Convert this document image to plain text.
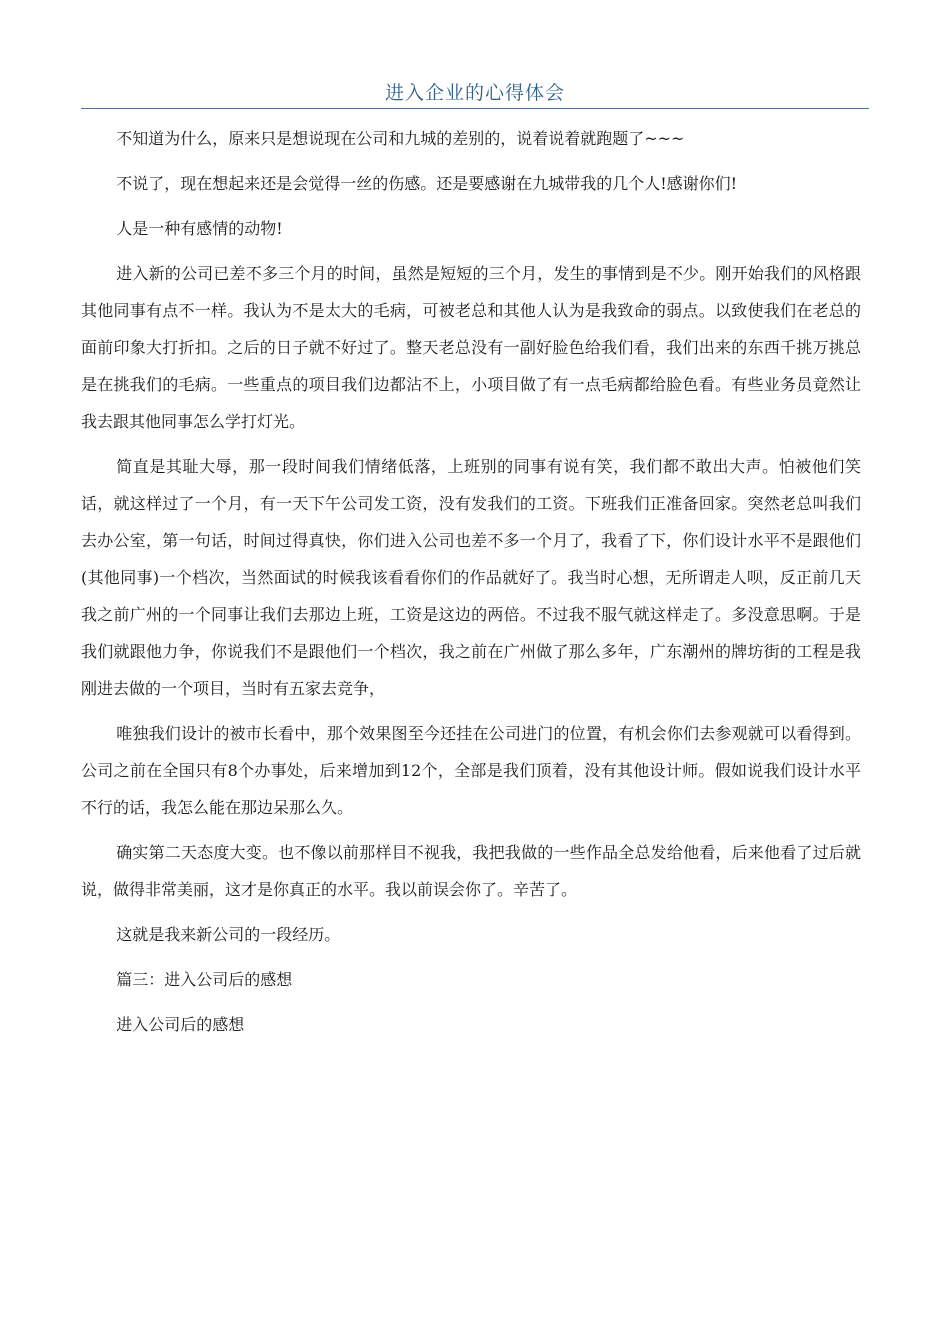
进入企业的心得体会

不知道为什么，原来只是想说现在公司和九城的差别的，说着说着就跑题了~~~

不说了，现在想起来还是会觉得一丝的伤感。还是要感谢在九城带我的几个人!感谢你们!

人是一种有感情的动物!

进入新的公司已差不多三个月的时间，虽然是短短的三个月，发生的事情到是不少。刚开始我们的风格跟其他同事有点不一样。我认为不是太大的毛病，可被老总和其他人认为是我致命的弱点。以致使我们在老总的面前印象大打折扣。之后的日子就不好过了。整天老总没有一副好脸色给我们看，我们出来的东西千挑万挑总是在挑我们的毛病。一些重点的项目我们边都沾不上，小项目做了有一点毛病都给脸色看。有些业务员竟然让我去跟其他同事怎么学打灯光。

简直是其耻大辱，那一段时间我们情绪低落，上班别的同事有说有笑，我们都不敢出大声。怕被他们笑话，就这样过了一个月，有一天下午公司发工资，没有发我们的工资。下班我们正准备回家。突然老总叫我们去办公室，第一句话，时间过得真快，你们进入公司也差不多一个月了，我看了下，你们设计水平不是跟他们(其他同事)一个档次，当然面试的时候我该看看你们的作品就好了。我当时心想，无所谓走人呗，反正前几天我之前广州的一个同事让我们去那边上班，工资是这边的两倍。不过我不服气就这样走了。多没意思啊。于是我们就跟他力争，你说我们不是跟他们一个档次，我之前在广州做了那么多年，广东潮州的牌坊街的工程是我刚进去做的一个项目，当时有五家去竞争，

唯独我们设计的被市长看中，那个效果图至今还挂在公司进门的位置，有机会你们去参观就可以看得到。公司之前在全国只有8个办事处，后来增加到12个，全部是我们顶着，没有其他设计师。假如说我们设计水平不行的话，我怎么能在那边呆那么久。

确实第二天态度大变。也不像以前那样目不视我，我把我做的一些作品全总发给他看，后来他看了过后就说，做得非常美丽，这才是你真正的水平。我以前误会你了。辛苦了。

这就是我来新公司的一段经历。

篇三：进入公司后的感想

进入公司后的感想
